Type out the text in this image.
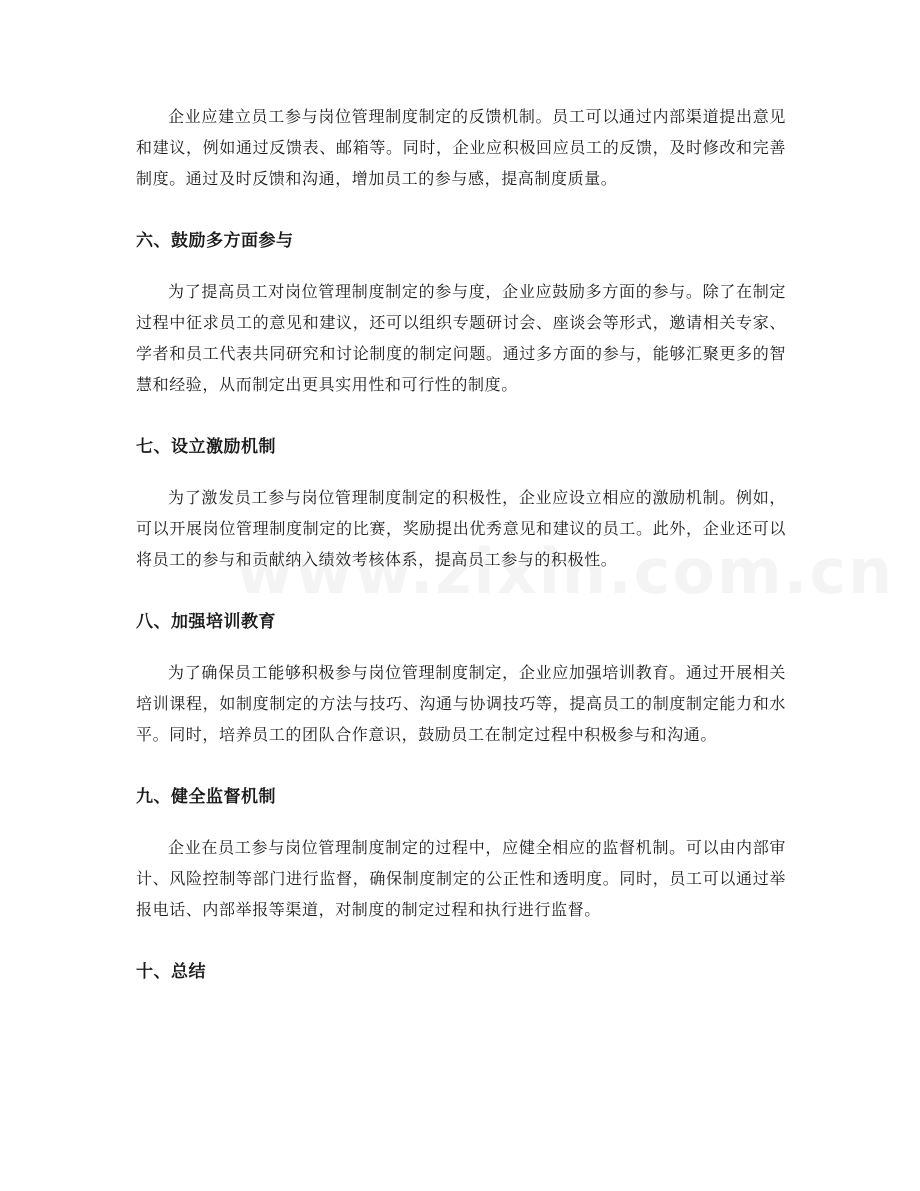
企业应建立员工参与岗位管理制度制定的反馈机制。员工可以通过内部渠道提出意见和建议，例如通过反馈表、邮箱等。同时，企业应积极回应员工的反馈，及时修改和完善制度。通过及时反馈和沟通，增加员工的参与感，提高制度质量。

六、鼓励多方面参与

为了提高员工对岗位管理制度制定的参与度，企业应鼓励多方面的参与。除了在制定过程中征求员工的意见和建议，还可以组织专题研讨会、座谈会等形式，邀请相关专家、学者和员工代表共同研究和讨论制度的制定问题。通过多方面的参与，能够汇聚更多的智慧和经验，从而制定出更具实用性和可行性的制度。

七、设立激励机制

为了激发员工参与岗位管理制度制定的积极性，企业应设立相应的激励机制。例如，可以开展岗位管理制度制定的比赛，奖励提出优秀意见和建议的员工。此外，企业还可以将员工的参与和贡献纳入绩效考核体系，提高员工参与的积极性。

八、加强培训教育

为了确保员工能够积极参与岗位管理制度制定，企业应加强培训教育。通过开展相关培训课程，如制度制定的方法与技巧、沟通与协调技巧等，提高员工的制度制定能力和水平。同时，培养员工的团队合作意识，鼓励员工在制定过程中积极参与和沟通。

九、健全监督机制

企业在员工参与岗位管理制度制定的过程中，应健全相应的监督机制。可以由内部审计、风险控制等部门进行监督，确保制度制定的公正性和透明度。同时，员工可以通过举报电话、内部举报等渠道，对制度的制定过程和执行进行监督。

十、总结
